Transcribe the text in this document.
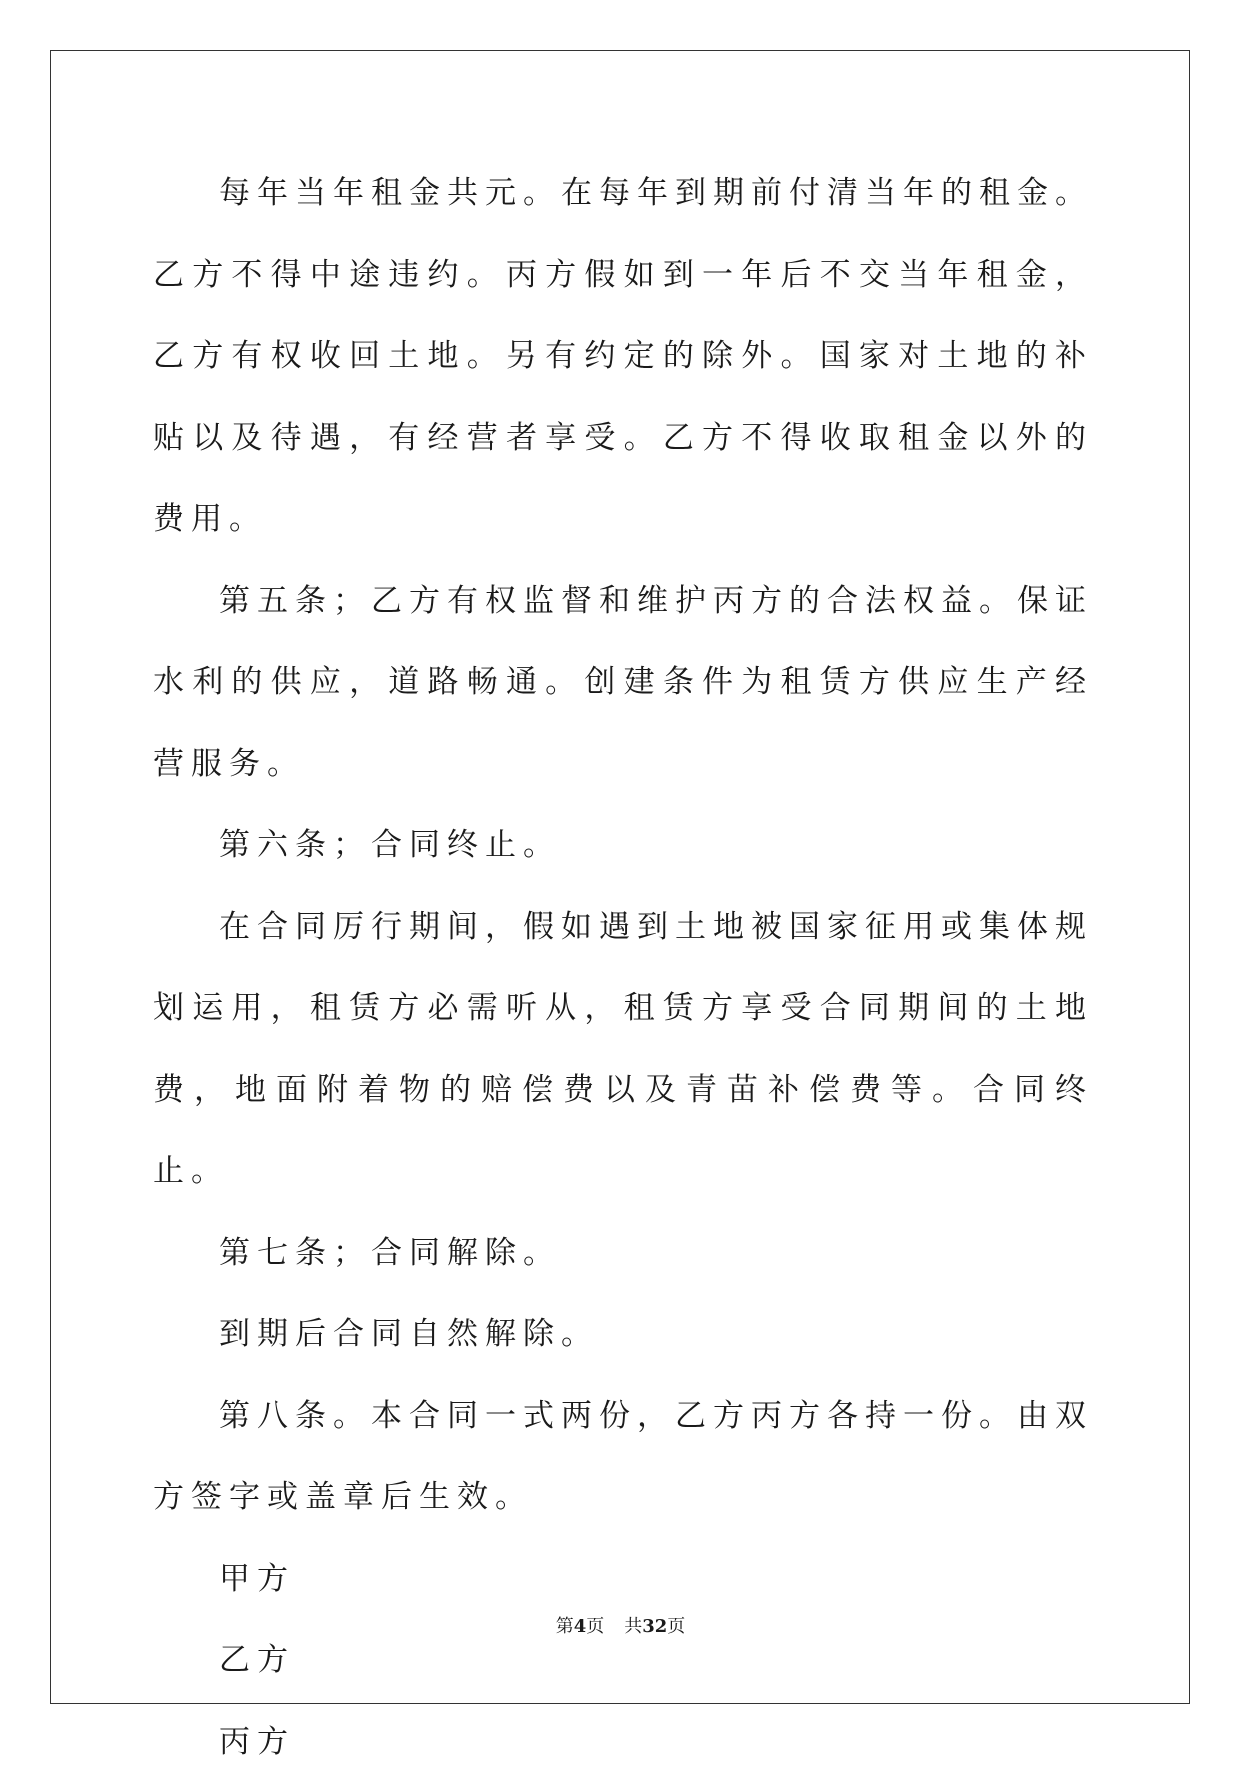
每年当年租金共元。在每年到期前付清当年的租金。乙方不得中途违约。丙方假如到一年后不交当年租金，乙方有权收回土地。另有约定的除外。国家对土地的补贴以及待遇，有经营者享受。乙方不得收取租金以外的费用。

第五条；乙方有权监督和维护丙方的合法权益。保证水利的供应，道路畅通。创建条件为租赁方供应生产经营服务。

第六条；合同终止。

在合同厉行期间，假如遇到土地被国家征用或集体规划运用，租赁方必需听从，租赁方享受合同期间的土地费，地面附着物的赔偿费以及青苗补偿费等。合同终止。

第七条；合同解除。

到期后合同自然解除。

第八条。本合同一式两份，乙方丙方各持一份。由双方签字或盖章后生效。

甲方

乙方

丙方

第4页 共32页
